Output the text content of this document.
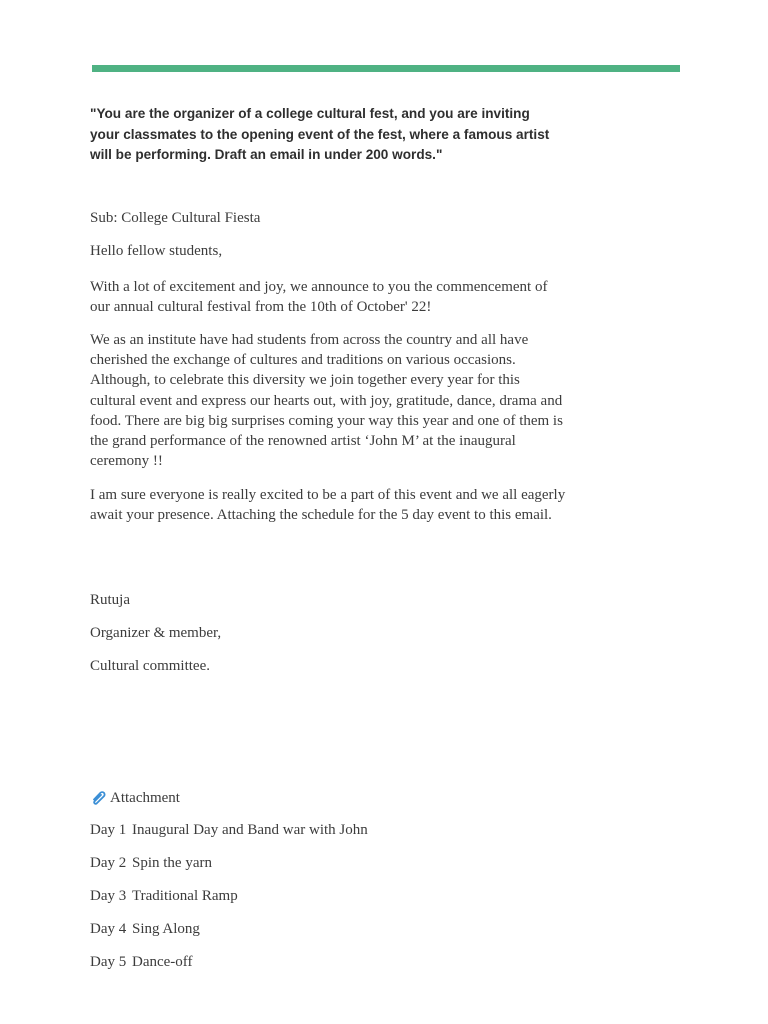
"You are the organizer of a college cultural fest, and you are inviting your classmates to the opening event of the fest, where a famous artist will be performing. Draft an email in under 200 words."

Sub: College Cultural Fiesta

Hello fellow students,

With a lot of excitement and joy, we announce to you the commencement of our annual cultural festival from the 10th of October' 22!

We as an institute have had students from across the country and all have cherished the exchange of cultures and traditions on various occasions. Although, to celebrate this diversity we join together every year for this cultural event and express our hearts out, with joy, gratitude, dance, drama and food. There are big big surprises coming your way this year and one of them is the grand performance of the renowned artist ‘John M’ at the inaugural ceremony !!

I am sure everyone is really excited to be a part of this event and we all eagerly await your presence. Attaching the schedule for the 5 day event to this email.

Rutuja

Organizer & member,

Cultural committee.

Attachment

Day 1 Inaugural Day and Band war with John

Day 2 Spin the yarn

Day 3 Traditional Ramp

Day 4 Sing Along

Day 5 Dance-off
